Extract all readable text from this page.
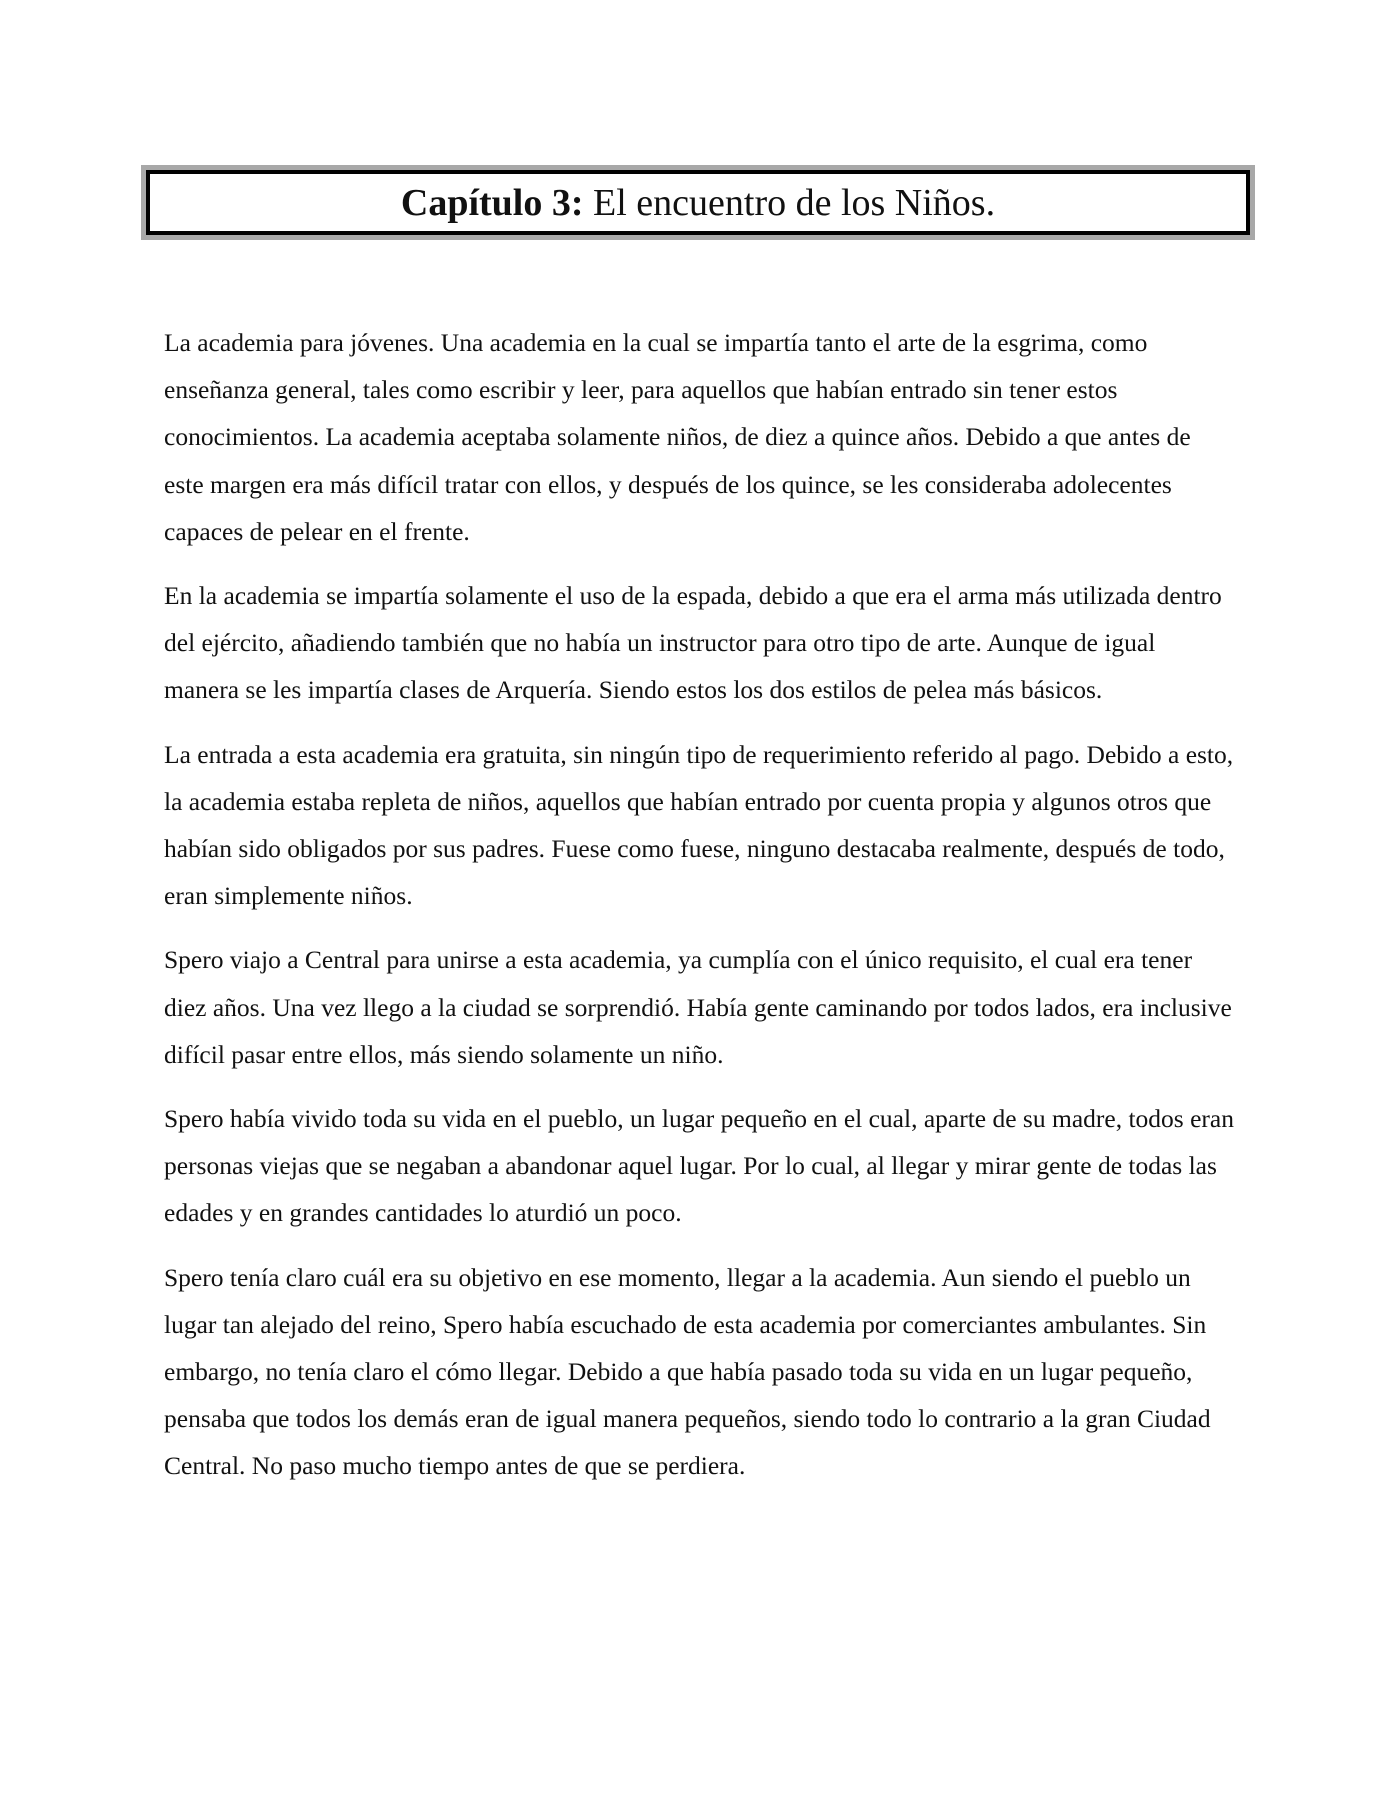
Capítulo 3: El encuentro de los Niños.

La academia para jóvenes. Una academia en la cual se impartía tanto el arte de la esgrima, como enseñanza general, tales como escribir y leer, para aquellos que habían entrado sin tener estos conocimientos. La academia aceptaba solamente niños, de diez a quince años. Debido a que antes de este margen era más difícil tratar con ellos, y después de los quince, se les consideraba adolecentes capaces de pelear en el frente.

En la academia se impartía solamente el uso de la espada, debido a que era el arma más utilizada dentro del ejército, añadiendo también que no había un instructor para otro tipo de arte. Aunque de igual manera se les impartía clases de Arquería. Siendo estos los dos estilos de pelea más básicos.

La entrada a esta academia era gratuita, sin ningún tipo de requerimiento referido al pago. Debido a esto, la academia estaba repleta de niños, aquellos que habían entrado por cuenta propia y algunos otros que habían sido obligados por sus padres. Fuese como fuese, ninguno destacaba realmente, después de todo, eran simplemente niños.

Spero viajo a Central para unirse a esta academia, ya cumplía con el único requisito, el cual era tener diez años. Una vez llego a la ciudad se sorprendió. Había gente caminando por todos lados, era inclusive difícil pasar entre ellos, más siendo solamente un niño.

Spero había vivido toda su vida en el pueblo, un lugar pequeño en el cual, aparte de su madre, todos eran personas viejas que se negaban a abandonar aquel lugar. Por lo cual, al llegar y mirar gente de todas las edades y en grandes cantidades lo aturdió un poco.

Spero tenía claro cuál era su objetivo en ese momento, llegar a la academia. Aun siendo el pueblo un lugar tan alejado del reino, Spero había escuchado de esta academia por comerciantes ambulantes. Sin embargo, no tenía claro el cómo llegar. Debido a que había pasado toda su vida en un lugar pequeño, pensaba que todos los demás eran de igual manera pequeños, siendo todo lo contrario a la gran Ciudad Central. No paso mucho tiempo antes de que se perdiera.
